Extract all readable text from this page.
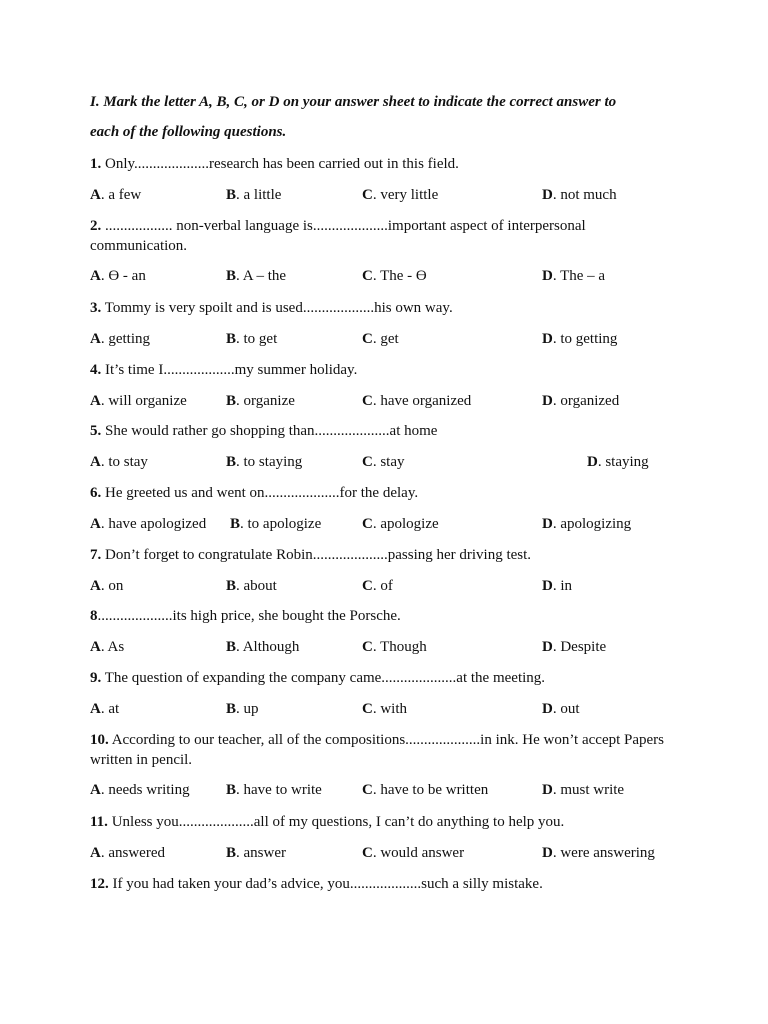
I. Mark the letter A, B, C, or D on your answer sheet to indicate the correct answer to
each of the following questions.
1. Only....................research has been carried out in this field.
A. a few	B. a little	C. very little	D. not much
2. .................. non-verbal language is....................important aspect of interpersonal communication.
A. Ɵ - an	B. A – the	C. The - Ɵ	D. The – a
3. Tommy is very spoilt and is used...................his own way.
A. getting	B. to get	C. get	D. to getting
4. It’s time I...................my summer holiday.
A. will organize	B. organize	C. have organized	D. organized
5. She would rather go shopping than....................at home
A. to stay	B. to staying	C. stay	D. staying
6. He greeted us and went on....................for the delay.
A. have apologized B. to apologize	C. apologize	D. apologizing
7. Don’t forget to congratulate Robin....................passing her driving test.
A. on	B. about	C. of	D. in
8....................its high price, she bought the Porsche.
A. As	B. Although	C. Though	D. Despite
9. The question of expanding the company came....................at the meeting.
A. at	B. up	C. with	D. out
10. According to our teacher, all of the compositions....................in ink. He won’t accept Papers written in pencil.
A. needs writing B. have to write	C. have to be written	D. must write
11. Unless you....................all of my questions, I can’t do anything to help you.
A. answered	B. answer	C. would answer	D. were answering
12. If you had taken your dad’s advice, you...................such a silly mistake.
